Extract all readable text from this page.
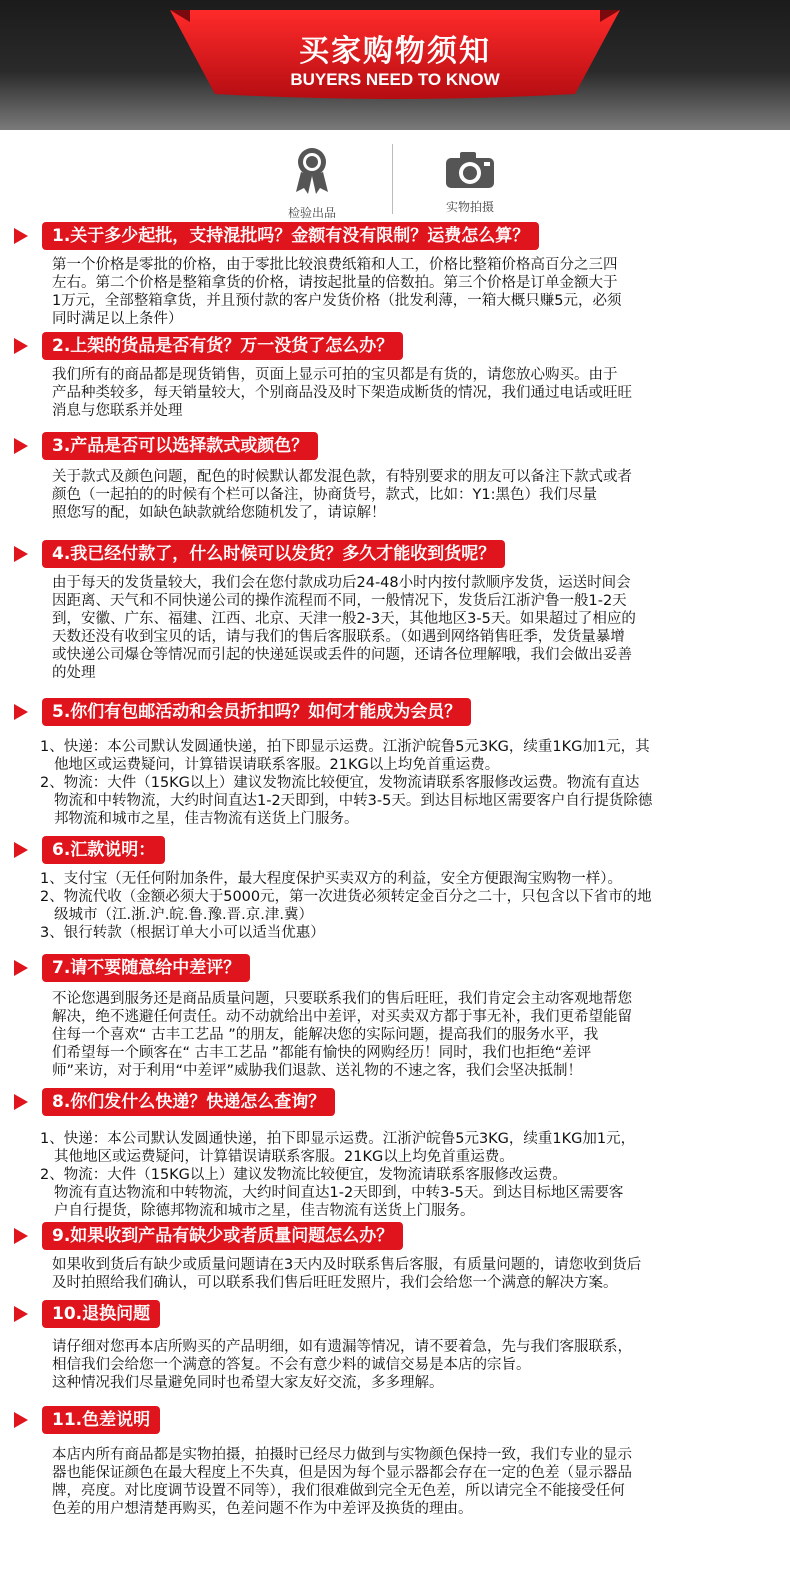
买家购物须知
BUYERS NEED TO KNOW
检验出品	实物拍摄
1.关于多少起批，支持混批吗？金额有没有限制？运费怎么算？

第一个价格是零批的价格，由于零批比较浪费纸箱和人工，价格比整箱价格高百分之三四

左右。第二个价格是整箱拿货的价格，请按起批量的倍数拍。第三个价格是订单金额大于

1万元，全部整箱拿货，并且预付款的客户发货价格（批发利薄，一箱大概只赚5元，必须

同时满足以上条件）

2.上架的货品是否有货？万一没货了怎么办？

我们所有的商品都是现货销售，页面上显示可拍的宝贝都是有货的，请您放心购买。由于

产品种类较多，每天销量较大，个别商品没及时下架造成断货的情况，我们通过电话或旺旺

消息与您联系并处理

3.产品是否可以选择款式或颜色？

关于款式及颜色问题，配色的时候默认都发混色款，有特别要求的朋友可以备注下款式或者

颜色（一起拍的的时候有个栏可以备注，协商货号，款式，比如：Y1:黑色）我们尽量

照您写的配，如缺色缺款就给您随机发了，请谅解！

4.我已经付款了，什么时候可以发货？多久才能收到货呢？

由于每天的发货量较大，我们会在您付款成功后24-48小时内按付款顺序发货，运送时间会

因距离、天气和不同快递公司的操作流程而不同，一般情况下，发货后江浙沪鲁一般1-2天

到，安徽、广东、福建、江西、北京、天津一般2-3天，其他地区3-5天。如果超过了相应的

天数还没有收到宝贝的话，请与我们的售后客服联系。（如遇到网络销售旺季，发货量暴增

或快递公司爆仓等情况而引起的快递延误或丢件的问题，还请各位理解哦，我们会做出妥善

的处理

5.你们有包邮活动和会员折扣吗？如何才能成为会员？

1、快递：本公司默认发圆通快递，拍下即显示运费。江浙沪皖鲁5元3KG，续重1KG加1元，其

他地区或运费疑问，计算错误请联系客服。21KG以上均免首重运费。

2、物流：大件（15KG以上）建议发物流比较便宜，发物流请联系客服修改运费。物流有直达

物流和中转物流，大约时间直达1-2天即到，中转3-5天。到达目标地区需要客户自行提货除德

邦物流和城市之星，佳吉物流有送货上门服务。

6.汇款说明：

1、支付宝（无任何附加条件，最大程度保护买卖双方的利益，安全方便跟淘宝购物一样）。

2、物流代收（金额必须大于5000元，第一次进货必须转定金百分之二十，只包含以下省市的地

级城市（江.浙.沪.皖.鲁.豫.晋.京.津.冀）

3、银行转款（根据订单大小可以适当优惠）

7.请不要随意给中差评？

不论您遇到服务还是商品质量问题，只要联系我们的售后旺旺，我们肯定会主动客观地帮您

解决，绝不逃避任何责任。动不动就给出中差评，对买卖双方都于事无补，我们更希望能留

住每一个喜欢“ 古丰工艺品 ”的朋友，能解决您的实际问题，提高我们的服务水平，我

们希望每一个顾客在“ 古丰工艺品 ”都能有愉快的网购经历！同时，我们也拒绝“差评

师”来访，对于利用“中差评”威胁我们退款、送礼物的不速之客，我们会坚决抵制！

8.你们发什么快递？快递怎么查询？

1、快递：本公司默认发圆通快递，拍下即显示运费。江浙沪皖鲁5元3KG，续重1KG加1元，

其他地区或运费疑问，计算错误请联系客服。21KG以上均免首重运费。

2、物流：大件（15KG以上）建议发物流比较便宜，发物流请联系客服修改运费。

物流有直达物流和中转物流，大约时间直达1-2天即到，中转3-5天。到达目标地区需要客

户自行提货，除德邦物流和城市之星，佳吉物流有送货上门服务。

9.如果收到产品有缺少或者质量问题怎么办？

如果收到货后有缺少或质量问题请在3天内及时联系售后客服，有质量问题的，请您收到货后

及时拍照给我们确认，可以联系我们售后旺旺发照片，我们会给您一个满意的解决方案。

10.退换问题

请仔细对您再本店所购买的产品明细，如有遗漏等情况，请不要着急，先与我们客服联系，

相信我们会给您一个满意的答复。不会有意少料的诚信交易是本店的宗旨。

这种情况我们尽量避免同时也希望大家友好交流，多多理解。

11.色差说明

本店内所有商品都是实物拍摄，拍摄时已经尽力做到与实物颜色保持一致，我们专业的显示

器也能保证颜色在最大程度上不失真，但是因为每个显示器都会存在一定的色差（显示器品

牌，亮度。对比度调节设置不同等），我们很难做到完全无色差，所以请完全不能接受任何

色差的用户想清楚再购买，色差问题不作为中差评及换货的理由。
